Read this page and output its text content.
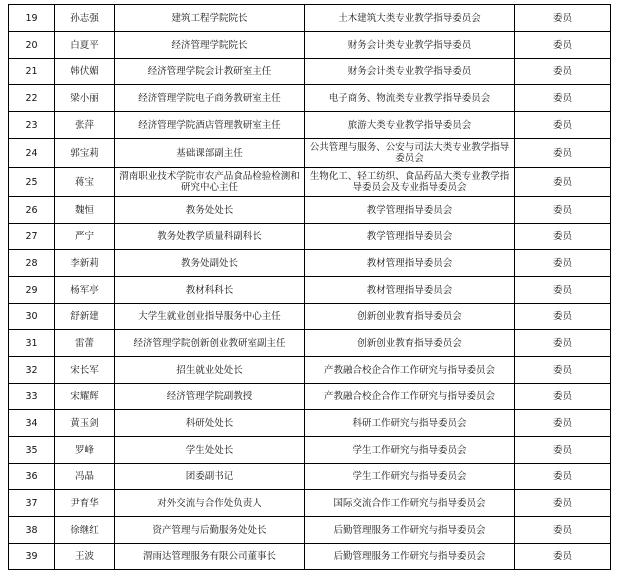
19	孙志强	建筑工程学院院长	土木建筑大类专业教学指导委员会	委员
20	白夏平	经济管理学院院长	财务会计类专业教学指导委员	委员
21	韩伏媚	经济管理学院会计教研室主任	财务会计类专业教学指导委员	委员
22	梁小丽	经济管理学院电子商务教研室主任	电子商务、物流类专业教学指导委员会	委员
23	张萍	经济管理学院酒店管理教研室主任	旅游大类专业教学指导委员会	委员
24	郭宝莉	基础课部副主任	公共管理与服务、公安与司法大类专业教学指导委员会	委员
25	蒋宝	渭南职业技术学院市农产品食品检验检测和研究中心主任	生物化工、轻工纺织、食品药品大类专业教学指导委员会及专业指导委员会	委员
26	魏恒	教务处处长	教学管理指导委员会	委员
27	严宁	教务处教学质量科副科长	教学管理指导委员会	委员
28	李新莉	教务处副处长	教材管理指导委员会	委员
29	杨军亭	教材科科长	教材管理指导委员会	委员
30	舒新建	大学生就业创业指导服务中心主任	创新创业教育指导委员会	委员
31	雷蕾	经济管理学院创新创业教研室副主任	创新创业教育指导委员会	委员
32	宋长军	招生就业处处长	产教融合校企合作工作研究与指导委员会	委员
33	宋耀辉	经济管理学院副教授	产教融合校企合作工作研究与指导委员会	委员
34	黄玉剑	科研处处长	科研工作研究与指导委员会	委员
35	罗峰	学生处处长	学生工作研究与指导委员会	委员
36	冯晶	团委副书记	学生工作研究与指导委员会	委员
37	尹育华	对外交流与合作处负责人	国际交流合作工作研究与指导委员会	委员
38	徐继红	资产管理与后勤服务处处长	后勤管理服务工作研究与指导委员会	委员
39	王波	渭雨达管理服务有限公司董事长	后勤管理服务工作研究与指导委员会	委员
